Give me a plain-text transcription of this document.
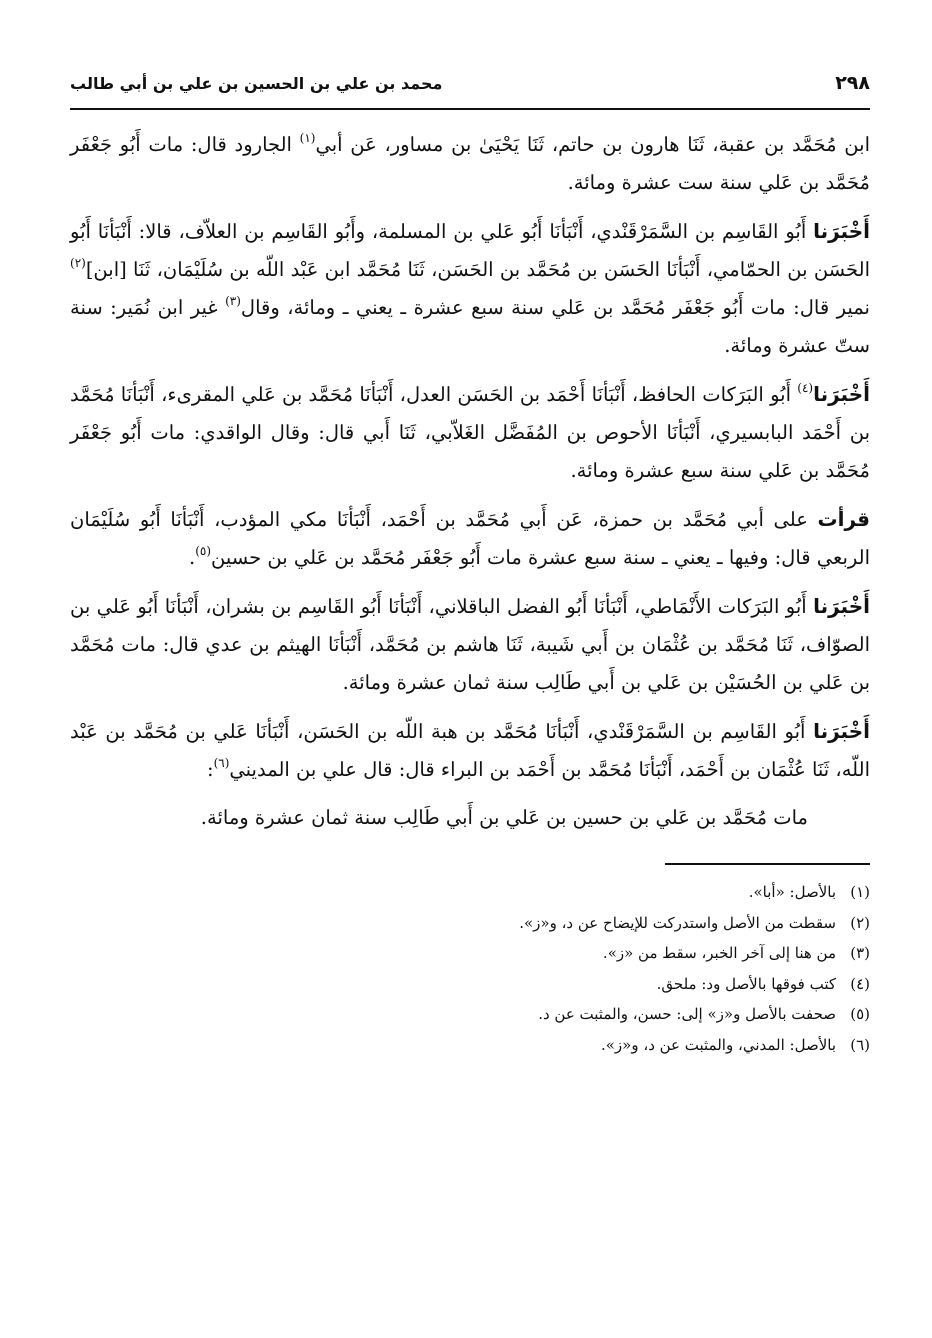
٢٩٨
محمد بن علي بن الحسين بن علي بن أبي طالب

ابن مُحَمَّد بن عقبة، ثَنَا هارون بن حاتم، ثَنَا يَحْيَىٰ بن مساور، عَن أبي$^{(١)}$ الجارود قال: مات أَبُو جَعْفَر مُحَمَّد بن عَلي سنة ست عشرة ومائة.

أَخْبَرَنا أَبُو القَاسِم بن السَّمَرْقَنْدي، أَنْبَأنَا أَبُو عَلي بن المسلمة، وأَبُو القَاسِم بن العلاّف، قالا: أَنْبَأنَا أَبُو الحَسَن بن الحمّامي، أَنْبَأنَا الحَسَن بن مُحَمَّد بن الحَسَن، ثَنَا مُحَمَّد ابن عَبْد اللّه بن سُلَيْمَان، ثَنَا [ابن]$^{(٢)}$ نمير قال: مات أَبُو جَعْفَر مُحَمَّد بن عَلي سنة سبع عشرة ـ يعني ـ ومائة، وقال$^{(٣)}$ غير ابن نُمَير: سنة ستّ عشرة ومائة.

أَخْبَرَنا$^{(٤)}$ أَبُو البَرَكات الحافظ، أَنْبَأنَا أَحْمَد بن الحَسَن العدل، أَنْبَأنَا مُحَمَّد بن عَلي المقرىء، أَنْبَأنَا مُحَمَّد بن أَحْمَد البابسيري، أَنْبَأنَا الأحوص بن المُفَضَّل الغَلاّبي، ثَنَا أَبي قال: وقال الواقدي: مات أَبُو جَعْفَر مُحَمَّد بن عَلي سنة سبع عشرة ومائة.

قرأت على أبي مُحَمَّد بن حمزة، عَن أَبي مُحَمَّد بن أَحْمَد، أَنْبَأنَا مكي المؤدب، أَنْبَأنَا أَبُو سُلَيْمَان الربعي قال: وفيها ـ يعني ـ سنة سبع عشرة مات أَبُو جَعْفَر مُحَمَّد بن عَلي بن حسين$^{(٥)}$.

أَخْبَرَنا أَبُو البَرَكات الأَنْمَاطي، أَنْبَأنَا أَبُو الفضل الباقلاني، أَنْبَأنَا أَبُو القَاسِم بن بشران، أَنْبَأنَا أَبُو عَلي بن الصوّاف، ثَنَا مُحَمَّد بن عُثْمَان بن أَبي شَيبة، ثَنَا هاشم بن مُحَمَّد، أَنْبَأنَا الهيثم بن عدي قال: مات مُحَمَّد بن عَلي بن الحُسَيْن بن عَلي بن أَبي طَالِب سنة ثمان عشرة ومائة.

أَخْبَرَنا أَبُو القَاسِم بن السَّمَرْقَنْدي، أَنْبَأنَا مُحَمَّد بن هبة اللّه بن الحَسَن، أَنْبَأنَا عَلي بن مُحَمَّد بن عَبْد اللّه، ثَنَا عُثْمَان بن أَحْمَد، أَنْبَأنَا مُحَمَّد بن أَحْمَد بن البراء قال: قال علي بن المديني$^{(٦)}$:

مات مُحَمَّد بن عَلي بن حسين بن عَلي بن أَبي طَالِب سنة ثمان عشرة ومائة.

(١)بالأصل: «أبا».
(٢)سقطت من الأصل واستدركت للإيضاح عن د، و«ز».
(٣)من هنا إلى آخر الخبر، سقط من «ز».
(٤)كتب فوقها بالأصل ود: ملحق.
(٥)صحفت بالأصل و«ز» إلى: حسن، والمثبت عن د.
(٦)بالأصل: المدني، والمثبت عن د، و«ز».
